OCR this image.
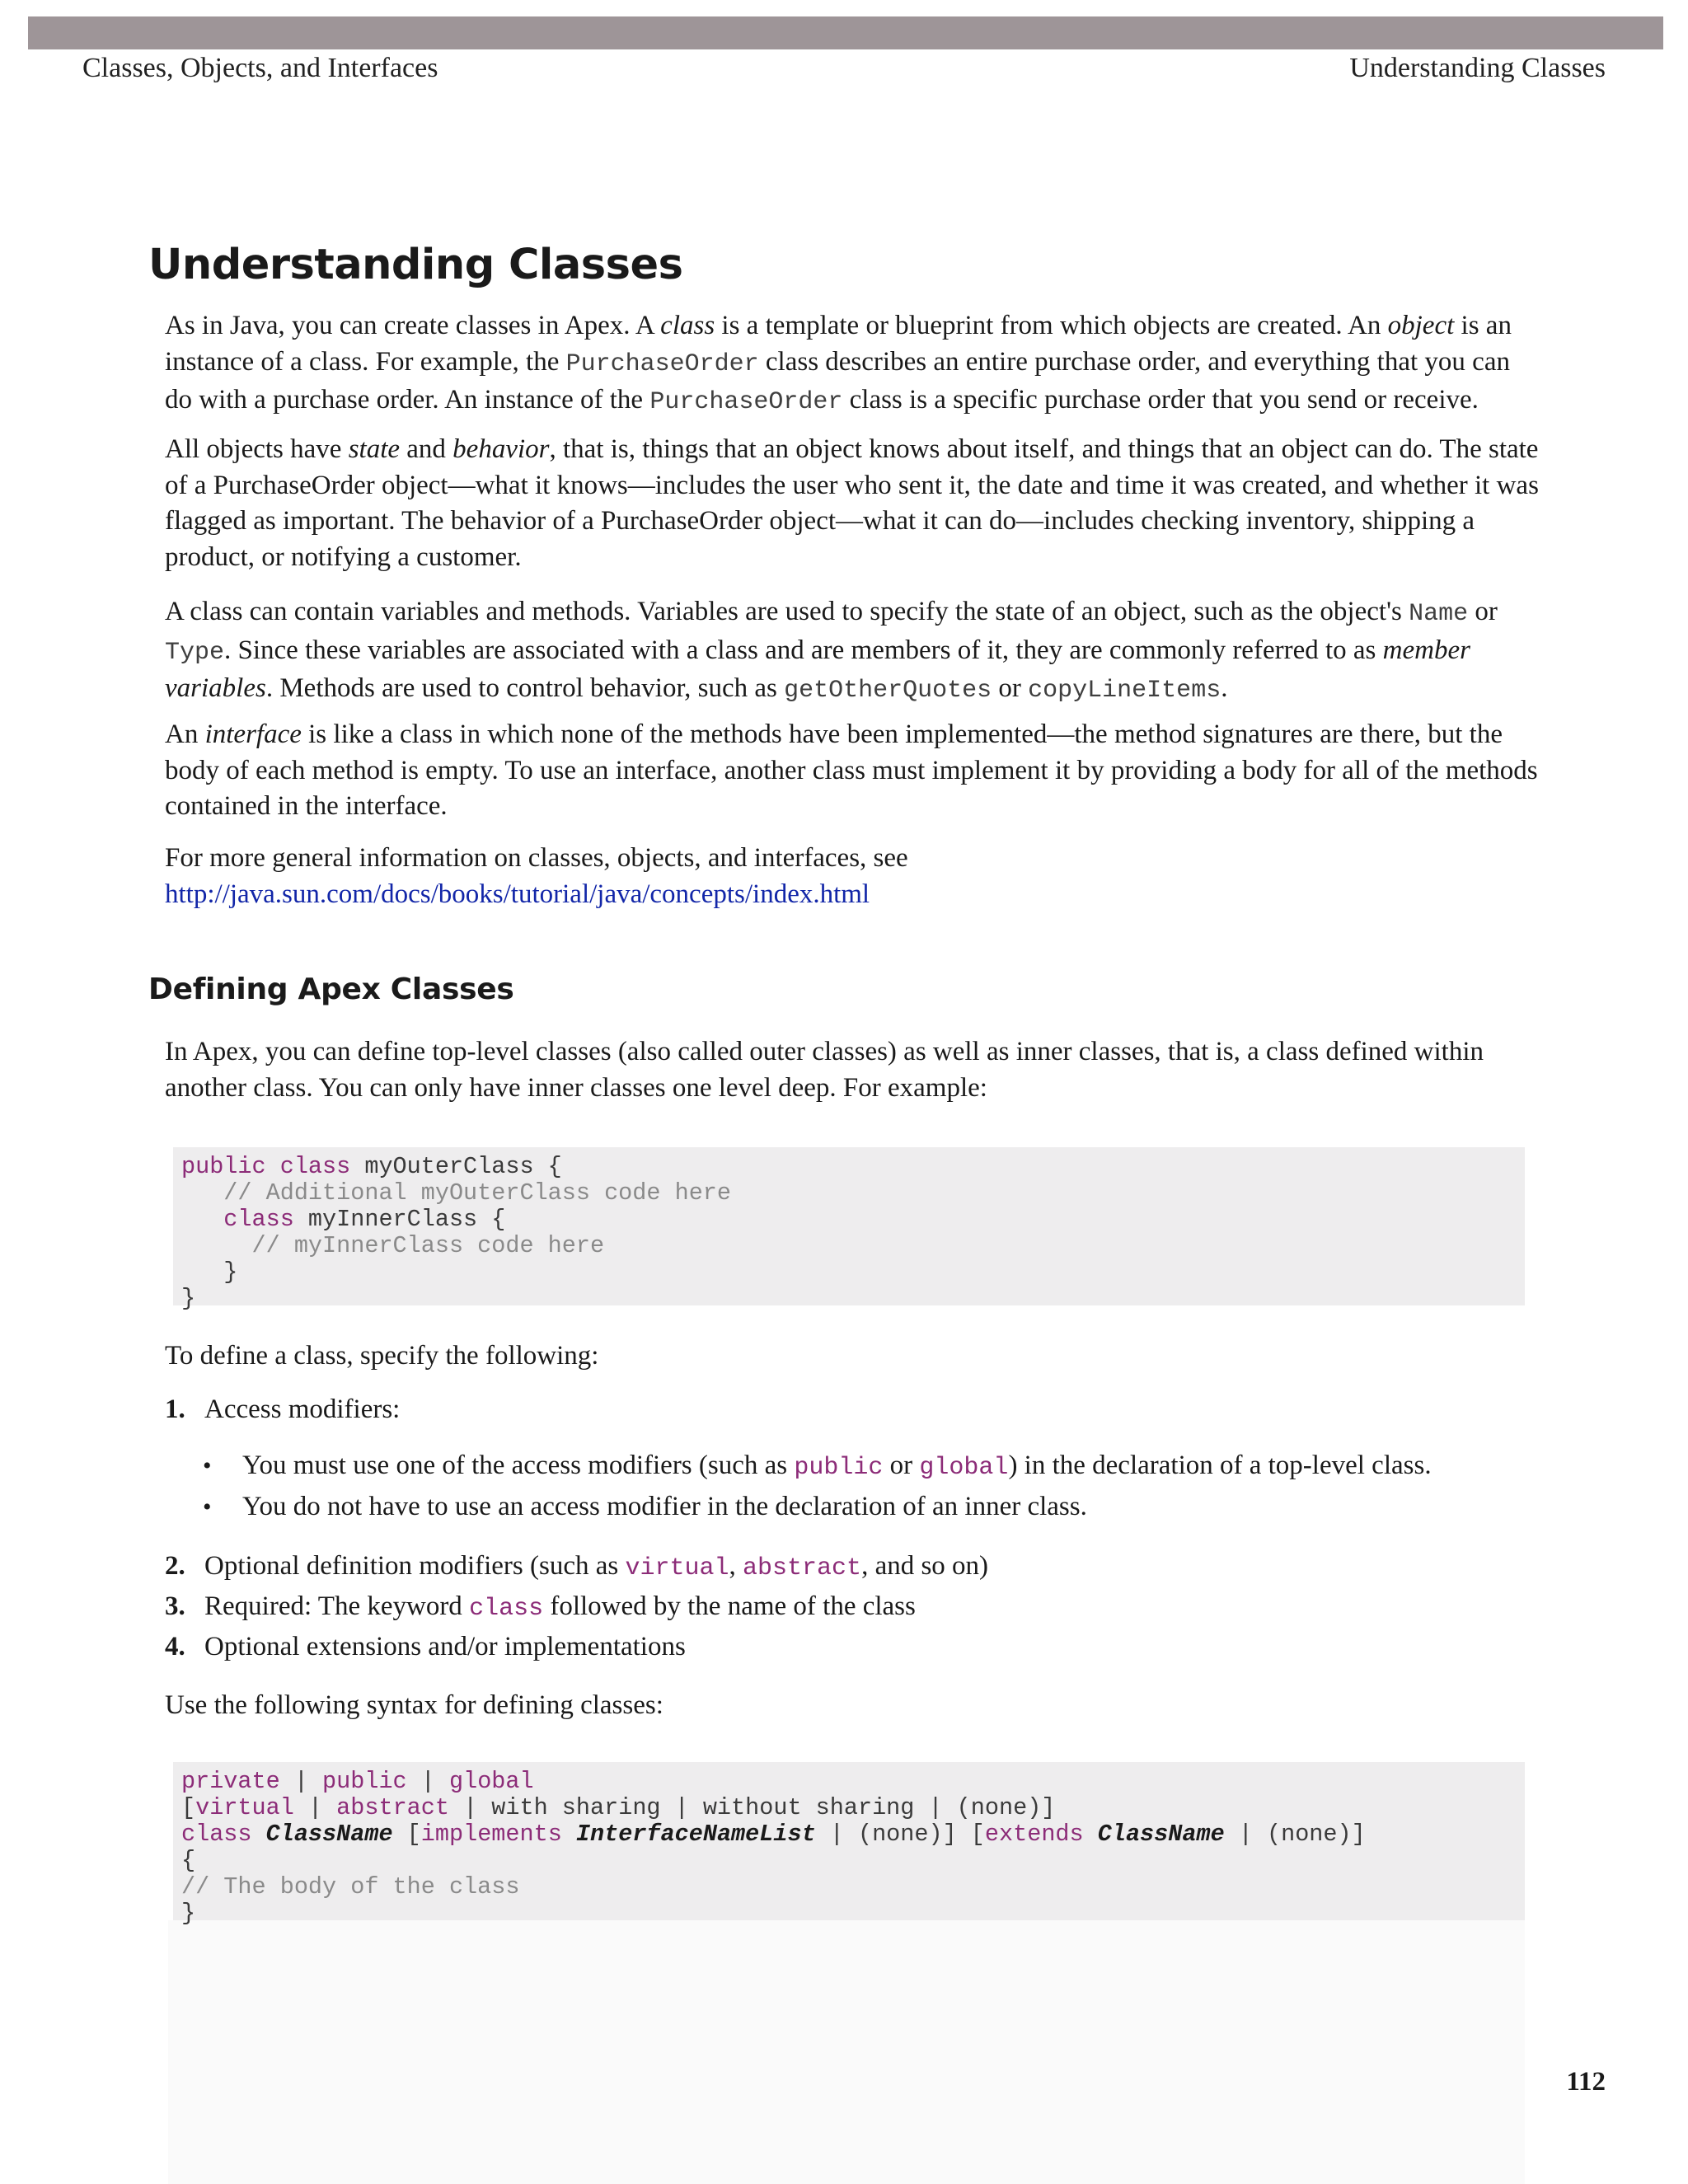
Classes, Objects, and Interfaces	Understanding Classes
Understanding Classes

As in Java, you can create classes in Apex. A class is a template or blueprint from which objects are created. An object is an instance of a class. For example, the PurchaseOrder class describes an entire purchase order, and everything that you can do with a purchase order. An instance of the PurchaseOrder class is a specific purchase order that you send or receive.

All objects have state and behavior, that is, things that an object knows about itself, and things that an object can do. The state of a PurchaseOrder object—what it knows—includes the user who sent it, the date and time it was created, and whether it was flagged as important. The behavior of a PurchaseOrder object—what it can do—includes checking inventory, shipping a product, or notifying a customer.

A class can contain variables and methods. Variables are used to specify the state of an object, such as the object's Name or Type. Since these variables are associated with a class and are members of it, they are commonly referred to as member variables. Methods are used to control behavior, such as getOtherQuotes or copyLineItems.

An interface is like a class in which none of the methods have been implemented—the method signatures are there, but the body of each method is empty. To use an interface, another class must implement it by providing a body for all of the methods contained in the interface.

For more general information on classes, objects, and interfaces, see
http://java.sun.com/docs/books/tutorial/java/concepts/index.html

Defining Apex Classes

In Apex, you can define top-level classes (also called outer classes) as well as inner classes, that is, a class defined within another class. You can only have inner classes one level deep. For example:

public class myOuterClass {
// Additional myOuterClass code here
class myInnerClass {
// myInnerClass code here
}
}

To define a class, specify the following:

1. Access modifiers:
• You must use one of the access modifiers (such as public or global) in the declaration of a top-level class.
• You do not have to use an access modifier in the declaration of an inner class.
2. Optional definition modifiers (such as virtual, abstract, and so on)
3. Required: The keyword class followed by the name of the class
4. Optional extensions and/or implementations

Use the following syntax for defining classes:

private | public | global
[virtual | abstract | with sharing | without sharing | (none)]
class ClassName [implements InterfaceNameList | (none)] [extends ClassName | (none)]
{
// The body of the class
}
112
